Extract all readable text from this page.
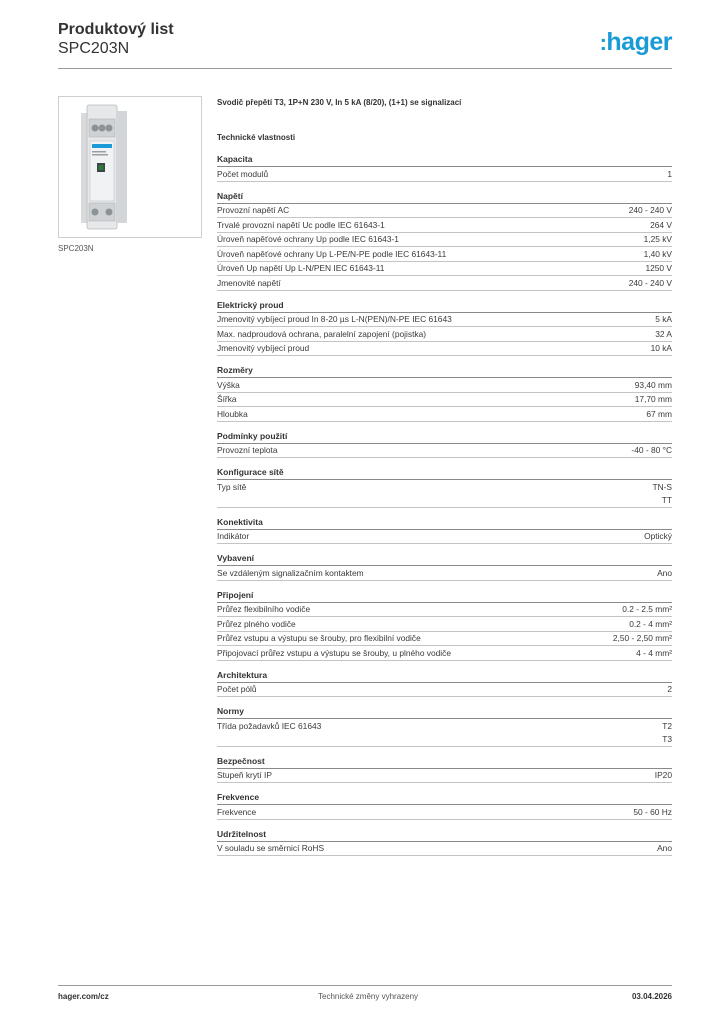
Produktový list
SPC203N	:hager
SPC203N
Svodič přepětí T3, 1P+N 230 V, In 5 kA (8/20), (1+1) se signalizací
Technické vlastnosti
Kapacita
Počet modulů	1
Napětí
Provozní napětí AC	240 - 240 V
Trvalé provozní napětí Uc podle IEC 61643-1	264 V
Úroveň napěťové ochrany Up podle IEC 61643-1	1,25 kV
Úroveň napěťové ochrany Up L-PE/N-PE podle IEC 61643-11	1,40 kV
Úroveň Up napětí Up L-N/PEN IEC 61643-11	1250 V
Jmenovité napětí	240 - 240 V
Elektrický proud
Jmenovitý vybíjecí proud In 8-20 µs L-N(PEN)/N-PE IEC 61643	5 kA
Max. nadproudová ochrana, paralelní zapojení (pojistka)	32 A
Jmenovitý vybíjecí proud	10 kA
Rozměry
Výška	93,40 mm
Šířka	17,70 mm
Hloubka	67 mm
Podmínky použití
Provozní teplota	-40 - 80 °C
Konfigurace sítě
Typ sítě	TN-S
TT
Konektivita
Indikátor	Optický
Vybavení
Se vzdáleným signalizačním kontaktem	Ano
Připojení
Průřez flexibilního vodiče	0.2 - 2.5 mm²
Průřez plného vodiče	0.2 - 4 mm²
Průřez vstupu a výstupu se šrouby, pro flexibilní vodiče	2,50 - 2,50 mm²
Připojovací průřez vstupu a výstupu se šrouby, u plného vodiče	4 - 4 mm²
Architektura
Počet pólů	2
Normy
Třída požadavků IEC 61643	T2
T3
Bezpečnost
Stupeň krytí IP	IP20
Frekvence
Frekvence	50 - 60 Hz
Udržitelnost
V souladu se směrnicí RoHS	Ano
hager.com/cz	Technické změny vyhrazeny	03.04.2026
